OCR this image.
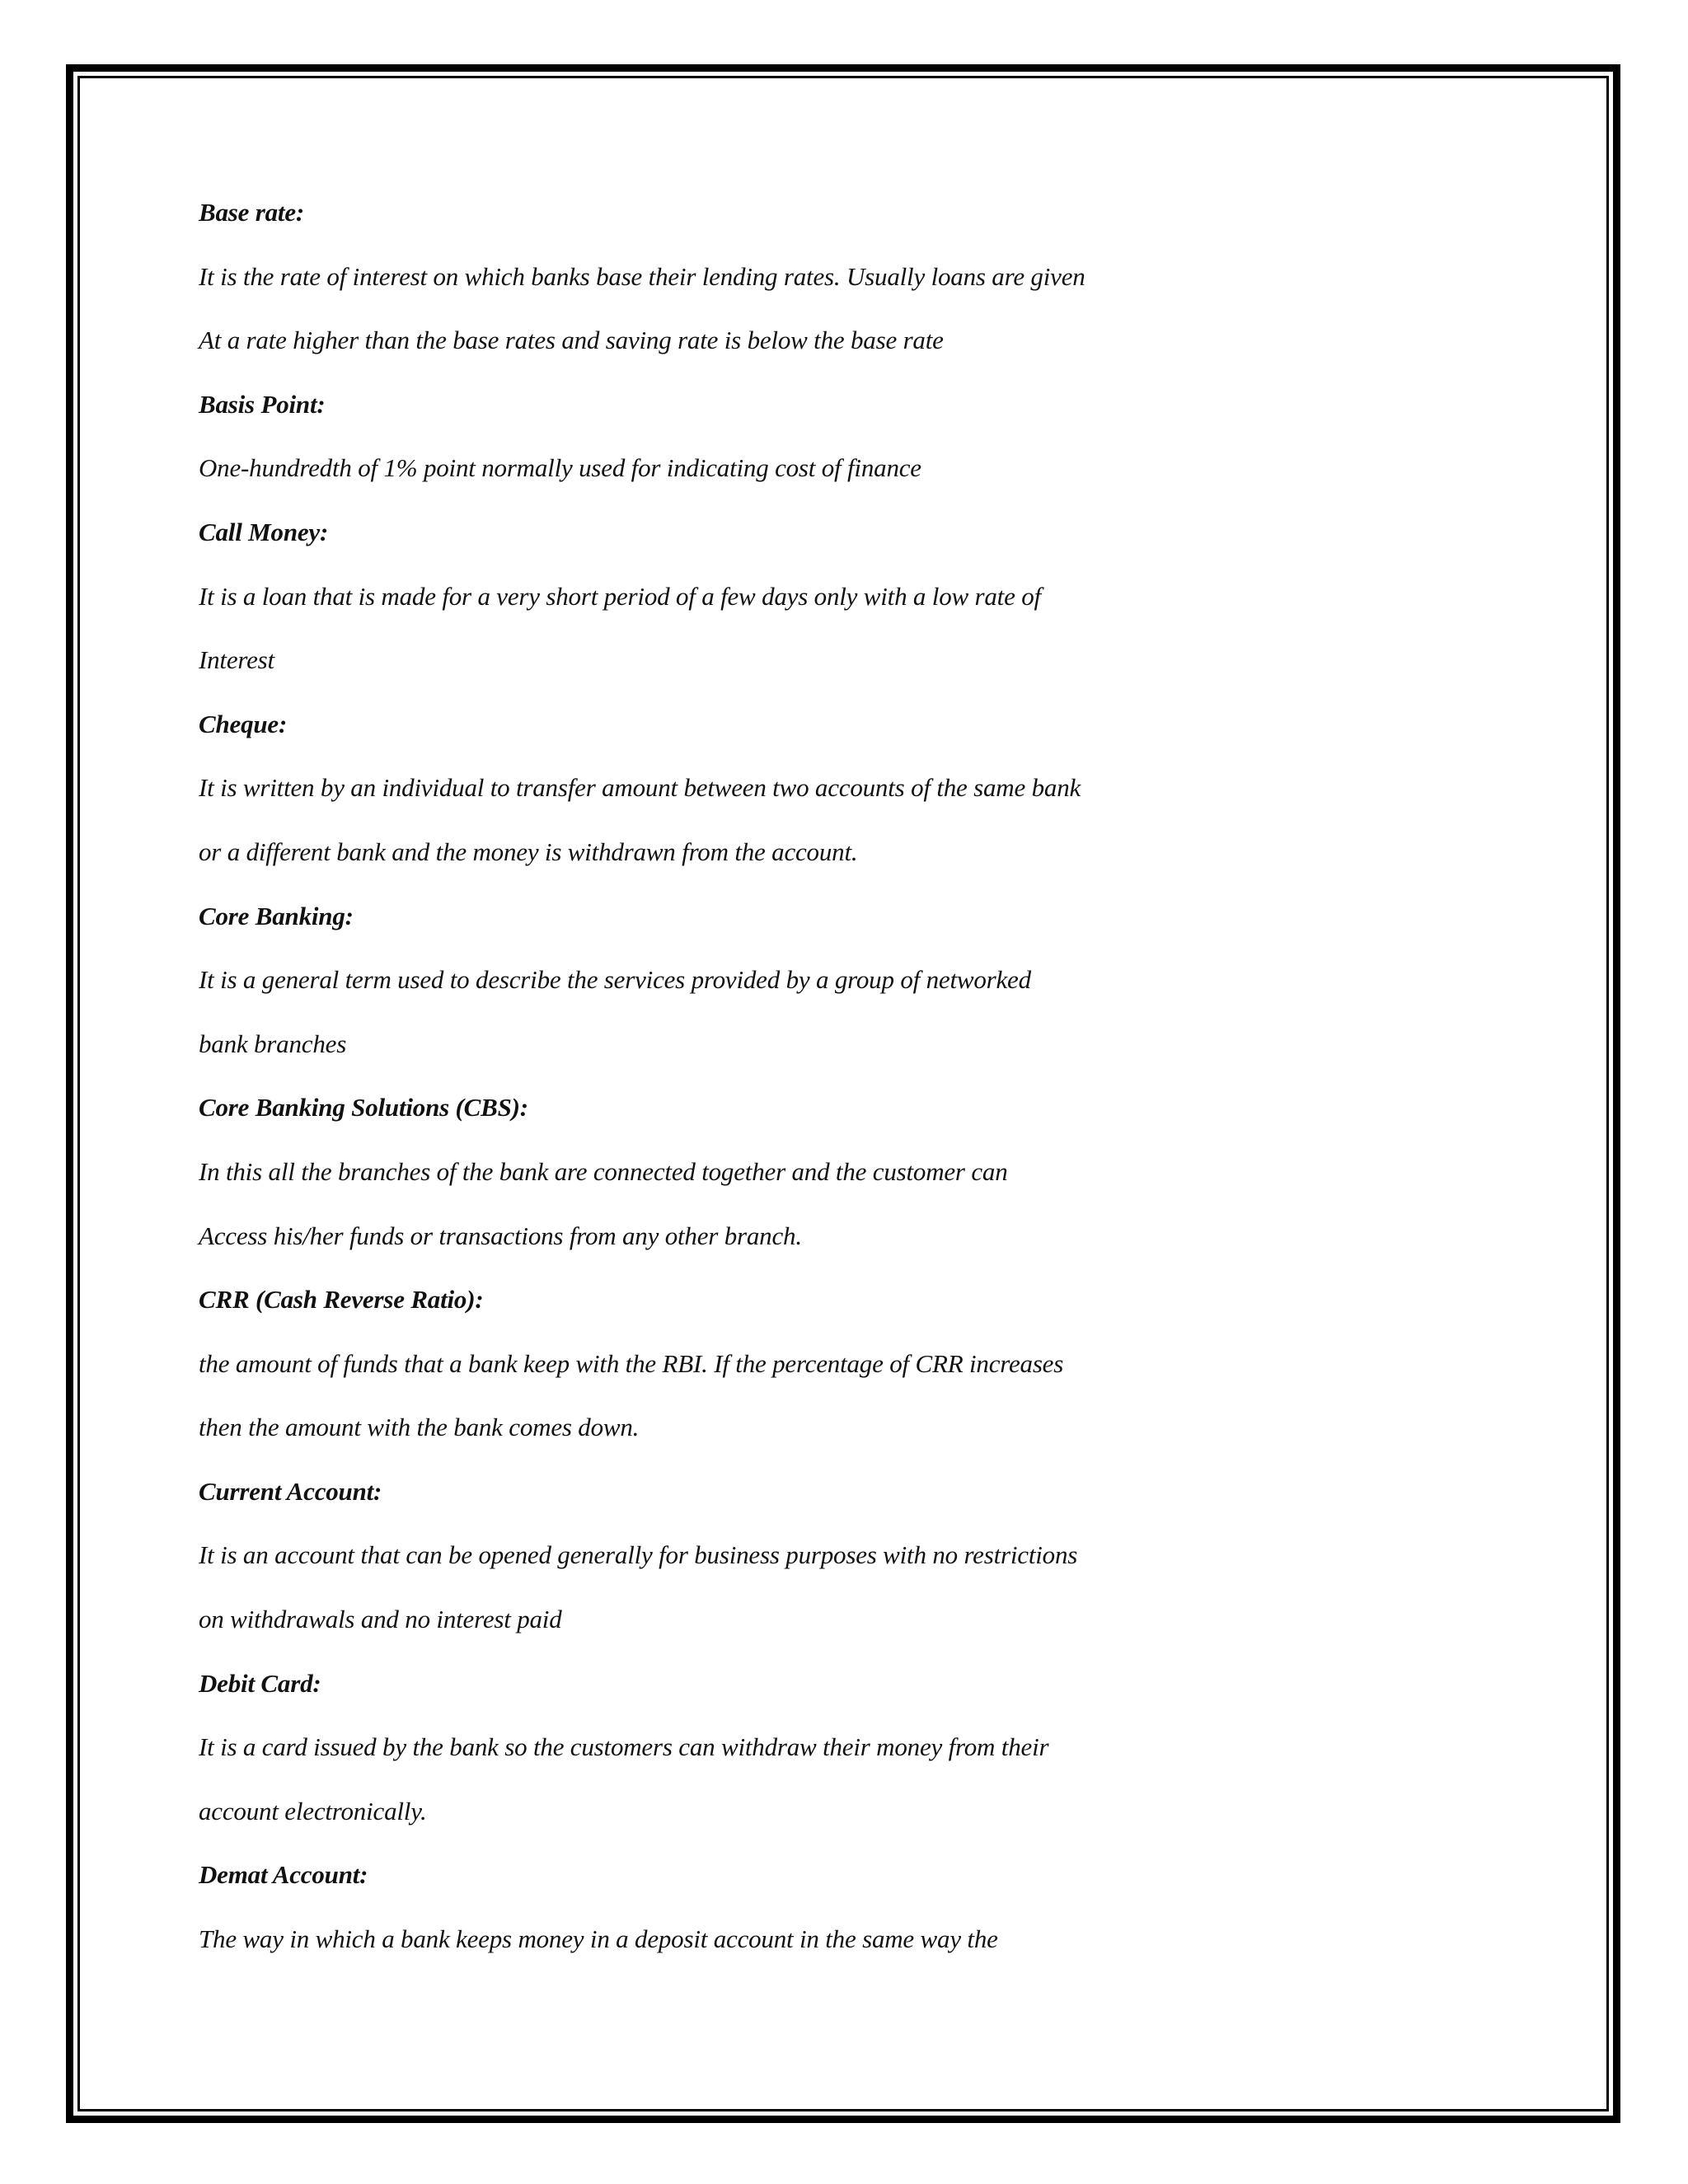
Base rate:
It is the rate of interest on which banks base their lending rates. Usually loans are given
At a rate higher than the base rates and saving rate is below the base rate
Basis Point:
One-hundredth of 1% point normally used for indicating cost of finance
Call Money:
It is a loan that is made for a very short period of a few days only with a low rate of
Interest
Cheque:
It is written by an individual to transfer amount between two accounts of the same bank
or a different bank and the money is withdrawn from the account.
Core Banking:
It is a general term used to describe the services provided by a group of networked
bank branches
Core Banking Solutions (CBS):
In this all the branches of the bank are connected together and the customer can
Access his/her funds or transactions from any other branch.
CRR (Cash Reverse Ratio):
the amount of funds that a bank keep with the RBI. If the percentage of CRR increases
then the amount with the bank comes down.
Current Account:
It is an account that can be opened generally for business purposes with no restrictions
on withdrawals and no interest paid
Debit Card:
It is a card issued by the bank so the customers can withdraw their money from their
account electronically.
Demat Account:
The way in which a bank keeps money in a deposit account in the same way the
